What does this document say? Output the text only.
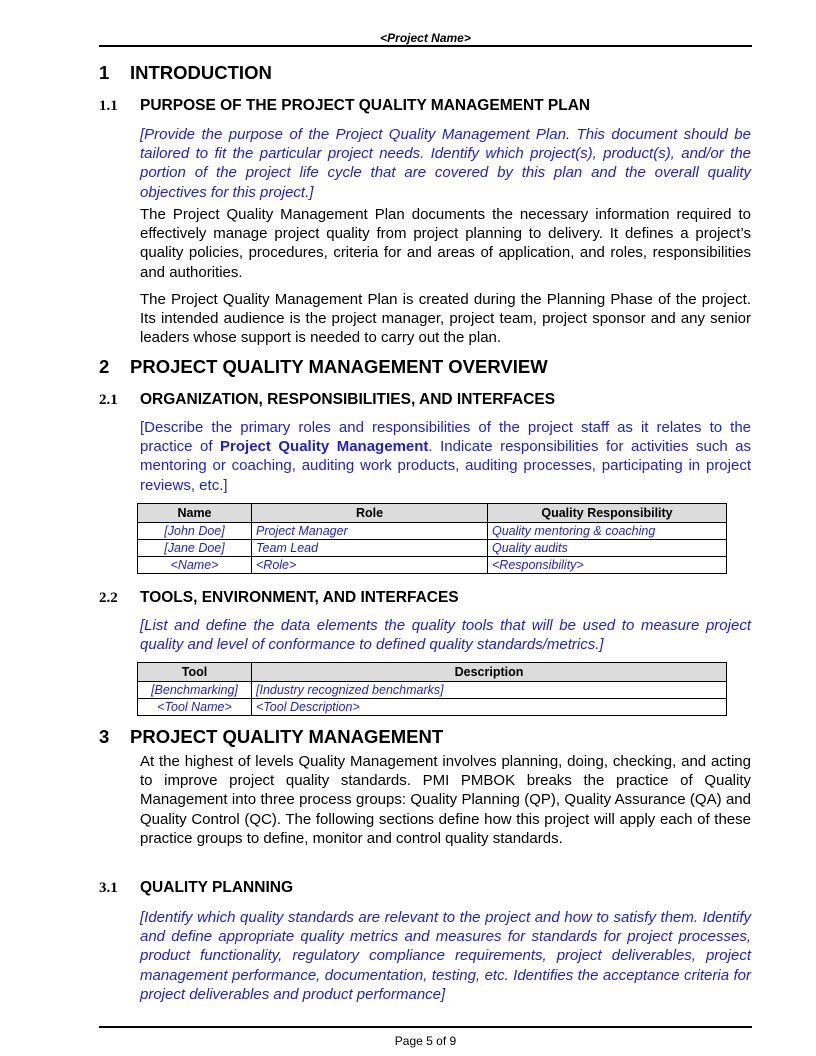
<Project Name>
1 INTRODUCTION
1.1 PURPOSE OF THE PROJECT QUALITY MANAGEMENT PLAN

[Provide the purpose of the Project Quality Management Plan. This document should be tailored to fit the particular project needs. Identify which project(s), product(s), and/or the portion of the project life cycle that are covered by this plan and the overall quality objectives for this project.]

The Project Quality Management Plan documents the necessary information required to effectively manage project quality from project planning to delivery. It defines a project’s quality policies, procedures, criteria for and areas of application, and roles, responsibilities and authorities.

The Project Quality Management Plan is created during the Planning Phase of the project. Its intended audience is the project manager, project team, project sponsor and any senior leaders whose support is needed to carry out the plan.

2 PROJECT QUALITY MANAGEMENT OVERVIEW
2.1 ORGANIZATION, RESPONSIBILITIES, AND INTERFACES

[Describe the primary roles and responsibilities of the project staff as it relates to the practice of Project Quality Management. Indicate responsibilities for activities such as mentoring or coaching, auditing work products, auditing processes, participating in project reviews, etc.]

Name	Role	Quality Responsibility
[John Doe]	Project Manager	Quality mentoring & coaching
[Jane Doe]	Team Lead	Quality audits
<Name>	<Role>	<Responsibility>
2.2 TOOLS, ENVIRONMENT, AND INTERFACES

[List and define the data elements the quality tools that will be used to measure project quality and level of conformance to defined quality standards/metrics.]

Tool	Description
[Benchmarking]	[Industry recognized benchmarks]
<Tool Name>	<Tool Description>
3 PROJECT QUALITY MANAGEMENT

At the highest of levels Quality Management involves planning, doing, checking, and acting to improve project quality standards. PMI PMBOK breaks the practice of Quality Management into three process groups: Quality Planning (QP), Quality Assurance (QA) and Quality Control (QC). The following sections define how this project will apply each of these practice groups to define, monitor and control quality standards.

3.1 QUALITY PLANNING

[Identify which quality standards are relevant to the project and how to satisfy them. Identify and define appropriate quality metrics and measures for standards for project processes, product functionality, regulatory compliance requirements, project deliverables, project management performance, documentation, testing, etc. Identifies the acceptance criteria for project deliverables and product performance]

Page 5 of 9
